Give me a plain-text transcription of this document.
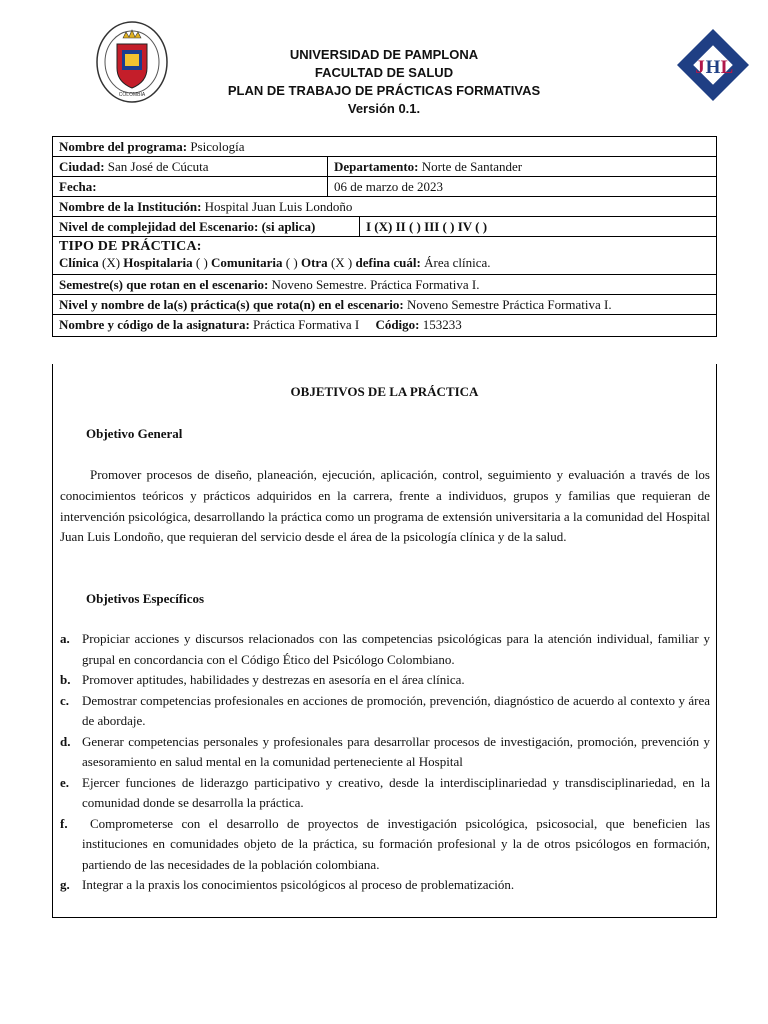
COLOMBIA
J H L
UNIVERSIDAD DE PAMPLONA
FACULTAD DE SALUD
PLAN DE TRABAJO DE PRÁCTICAS FORMATIVAS
Versión 0.1.
Nombre del programa: Psicología		
Ciudad: San José de Cúcuta	Departamento: Norte de Santander	
Fecha:	06 de marzo de 2023	
Nombre de la Institución: Hospital Juan Luis Londoño		
Nivel de complejidad del Escenario: (si aplica)		I (X) II ( ) III ( ) IV ( )

TIPO DE PRÁCTICA:
Clínica (X) Hospitalaria ( ) Comunitaria ( ) Otra (X ) defina cuál: Área clínica.		

Semestre(s) que rotan en el escenario: Noveno Semestre. Práctica Formativa I.		
Nivel y nombre de la(s) práctica(s) que rota(n) en el escenario: Noveno Semestre Práctica Formativa I.		
Nombre y código de la asignatura: Práctica Formativa I Código: 153233		
OBJETIVOS DE LA PRÁCTICA
Objetivo General
Promover procesos de diseño, planeación, ejecución, aplicación, control, seguimiento y evaluación a través de los conocimientos teóricos y prácticos adquiridos en la carrera, frente a individuos, grupos y familias que requieran de intervención psicológica, desarrollando la práctica como un programa de extensión universitaria a la comunidad del Hospital Juan Luis Londoño, que requieran del servicio desde el área de la psicología clínica y de la salud.
Objetivos Específicos
a. Propiciar acciones y discursos relacionados con las competencias psicológicas para la atención individual, familiar y grupal en concordancia con el Código Ético del Psicólogo Colombiano.
b. Promover aptitudes, habilidades y destrezas en asesoría en el área clínica.
c. Demostrar competencias profesionales en acciones de promoción, prevención, diagnóstico de acuerdo al contexto y área de abordaje.
d. Generar competencias personales y profesionales para desarrollar procesos de investigación, promoción, prevención y asesoramiento en salud mental en la comunidad perteneciente al Hospital
e. Ejercer funciones de liderazgo participativo y creativo, desde la interdisciplinariedad y transdisciplinariedad, en la comunidad donde se desarrolla la práctica.
f.	Comprometerse con el desarrollo de proyectos de investigación psicológica, psicosocial, que beneficien las instituciones en comunidades objeto de la práctica, su formación profesional y la de otros psicólogos en formación, partiendo de las necesidades de la población colombiana.
g. Integrar a la praxis los conocimientos psicológicos al proceso de problematización.
